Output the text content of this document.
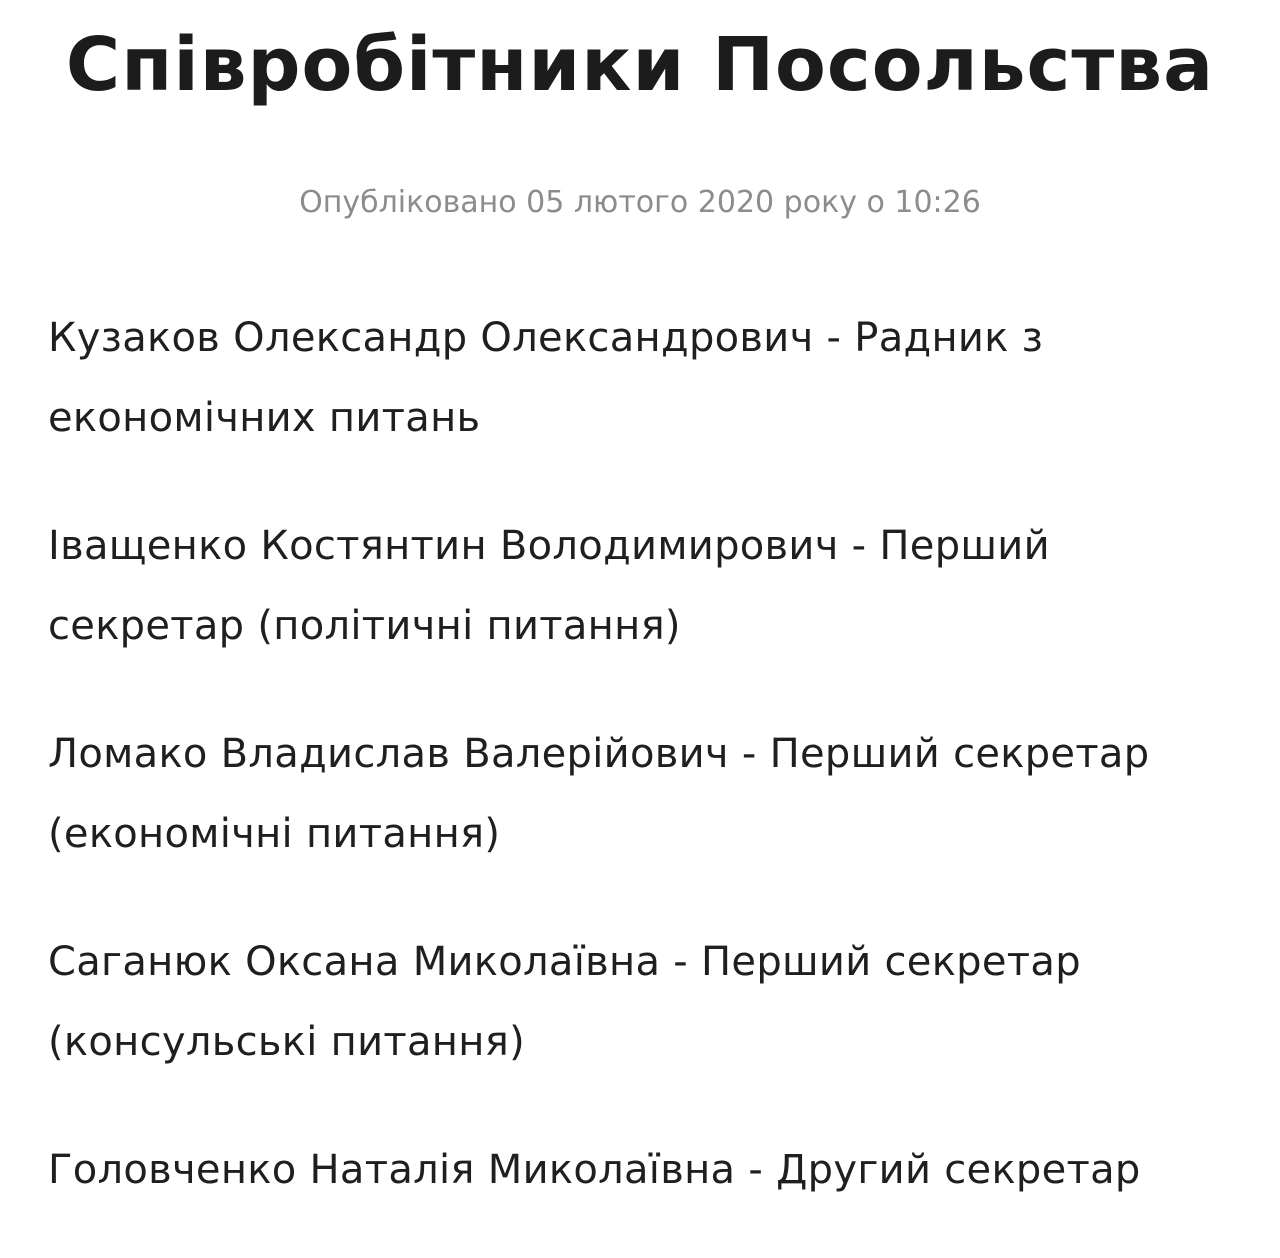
Співробітники Посольства
Опубліковано 05 лютого 2020 року о 10:26
Кузаков Олександр Олександрович - Радник з економічних питань
Іващенко Костянтин Володимирович - Перший секретар (політичні питання)
Ломако Владислав Валерійович - Перший секретар (економічні питання)
Саганюк Оксана Миколаївна - Перший секретар (консульські питання)
Головченко Наталія Миколаївна - Другий секретар
